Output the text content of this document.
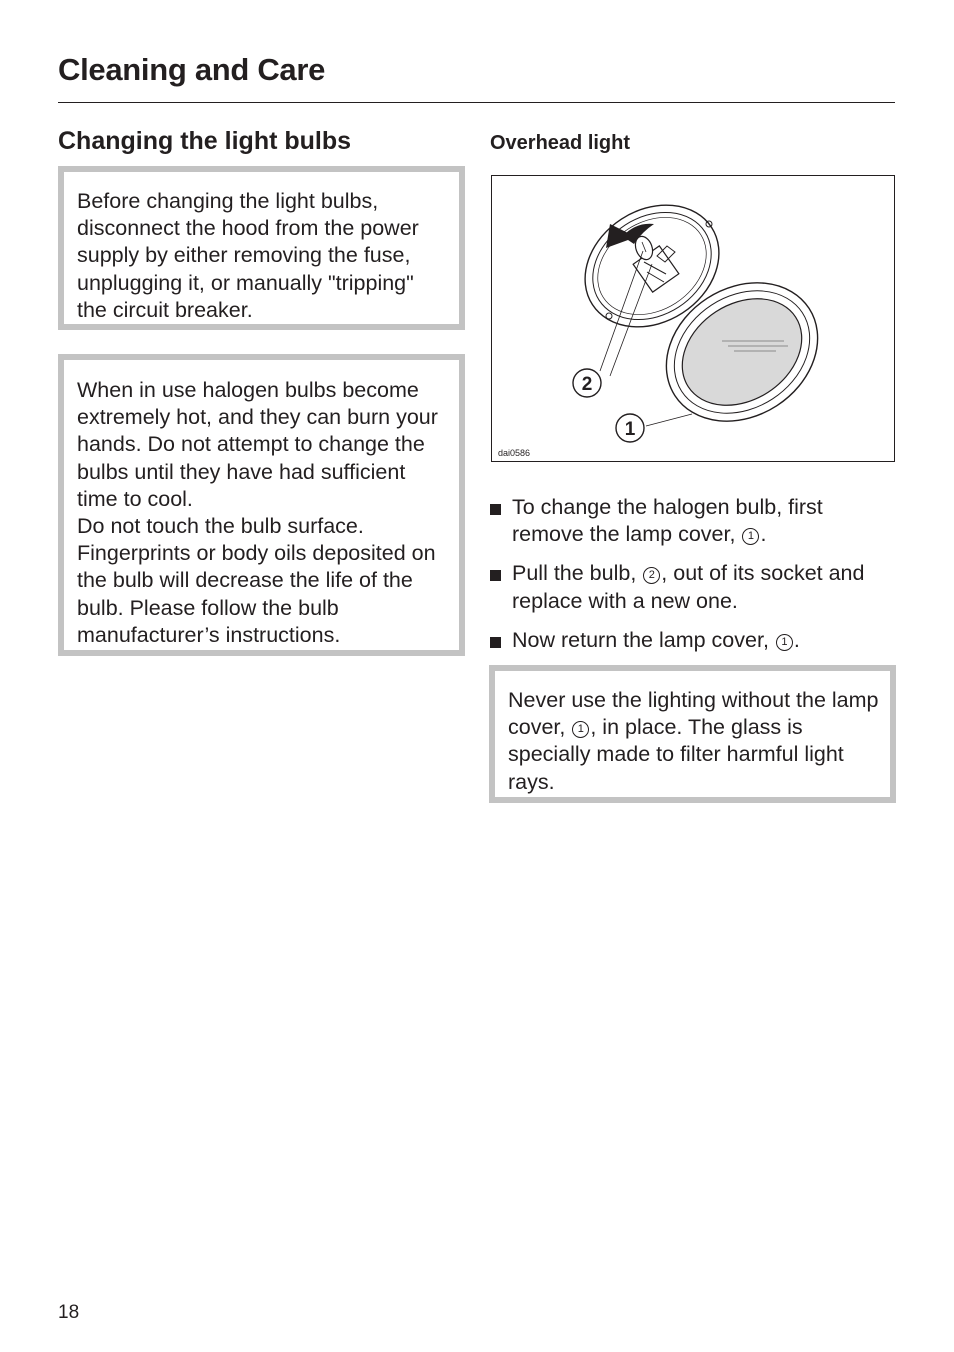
Cleaning and Care
Changing the light bulbs	Overhead light

Before changing the light bulbs, disconnect the hood from the power supply by either removing the fuse, unplugging it, or manually "tripping" the circuit breaker.

When in use halogen bulbs become extremely hot, and they can burn your hands. Do not attempt to change the bulbs until they have had sufficient time to cool.

Do not touch the bulb surface. Fingerprints or body oils deposited on the bulb will decrease the life of the bulb. Please follow the bulb manufacturer’s instructions.

2
1
dai0586
To change the halogen bulb, first remove the lamp cover, 1 .
Pull the bulb, 2 , out of its socket and replace with a new one.
Now return the lamp cover, 1 .

Never use the lighting without the lamp cover, 1 , in place. The glass is specially made to filter harmful light rays.

18
